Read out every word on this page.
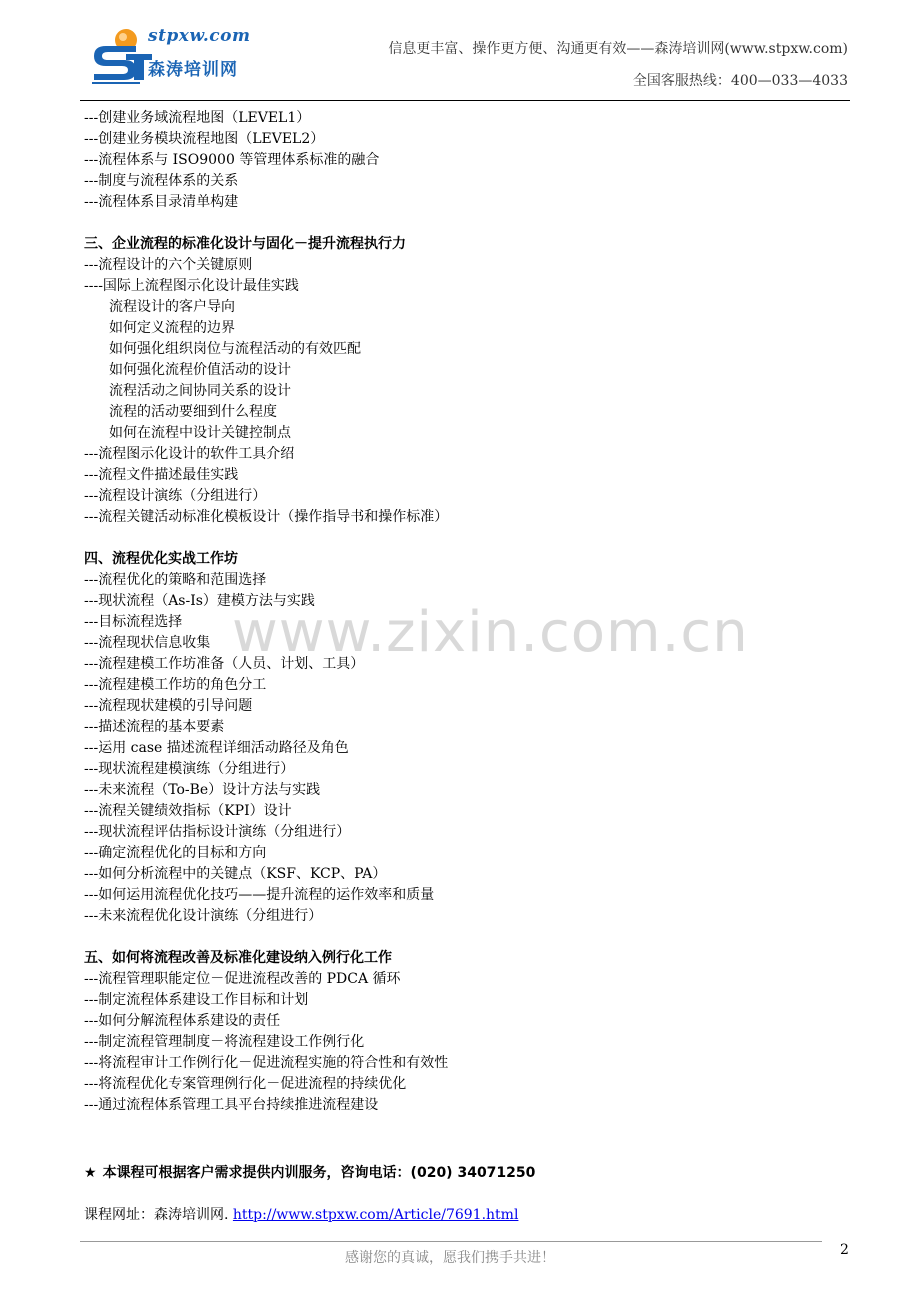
stpxw.com
森涛培训网
信息更丰富、操作更方便、沟通更有效——森涛培训网(www.stpxw.com)
全国客服热线：400—033—4033
www.zixin.com.cn
---创建业务域流程地图（LEVEL1）
---创建业务模块流程地图（LEVEL2）
---流程体系与 ISO9000 等管理体系标准的融合
---制度与流程体系的关系
---流程体系目录清单构建
三、企业流程的标准化设计与固化－提升流程执行力
---流程设计的六个关键原则
----国际上流程图示化设计最佳实践
流程设计的客户导向
如何定义流程的边界
如何强化组织岗位与流程活动的有效匹配
如何强化流程价值活动的设计
流程活动之间协同关系的设计
流程的活动要细到什么程度
如何在流程中设计关键控制点
---流程图示化设计的软件工具介绍
---流程文件描述最佳实践
---流程设计演练（分组进行）
---流程关键活动标准化模板设计（操作指导书和操作标准）
四、流程优化实战工作坊
---流程优化的策略和范围选择
---现状流程（As-Is）建模方法与实践
---目标流程选择
---流程现状信息收集
---流程建模工作坊准备（人员、计划、工具）
---流程建模工作坊的角色分工
---流程现状建模的引导问题
---描述流程的基本要素
---运用 case 描述流程详细活动路径及角色
---现状流程建模演练（分组进行）
---未来流程（To-Be）设计方法与实践
---流程关键绩效指标（KPI）设计
---现状流程评估指标设计演练（分组进行）
---确定流程优化的目标和方向
---如何分析流程中的关键点（KSF、KCP、PA）
---如何运用流程优化技巧——提升流程的运作效率和质量
---未来流程优化设计演练（分组进行）
五、如何将流程改善及标准化建设纳入例行化工作
---流程管理职能定位－促进流程改善的 PDCA 循环
---制定流程体系建设工作目标和计划
---如何分解流程体系建设的责任
---制定流程管理制度－将流程建设工作例行化
---将流程审计工作例行化－促进流程实施的符合性和有效性
---将流程优化专案管理例行化－促进流程的持续优化
---通过流程体系管理工具平台持续推进流程建设
★ 本课程可根据客户需求提供内训服务，咨询电话：(020) 34071250
课程网址：森涛培训网. http://www.stpxw.com/Article/7691.html
感谢您的真诚，愿我们携手共进！	2
